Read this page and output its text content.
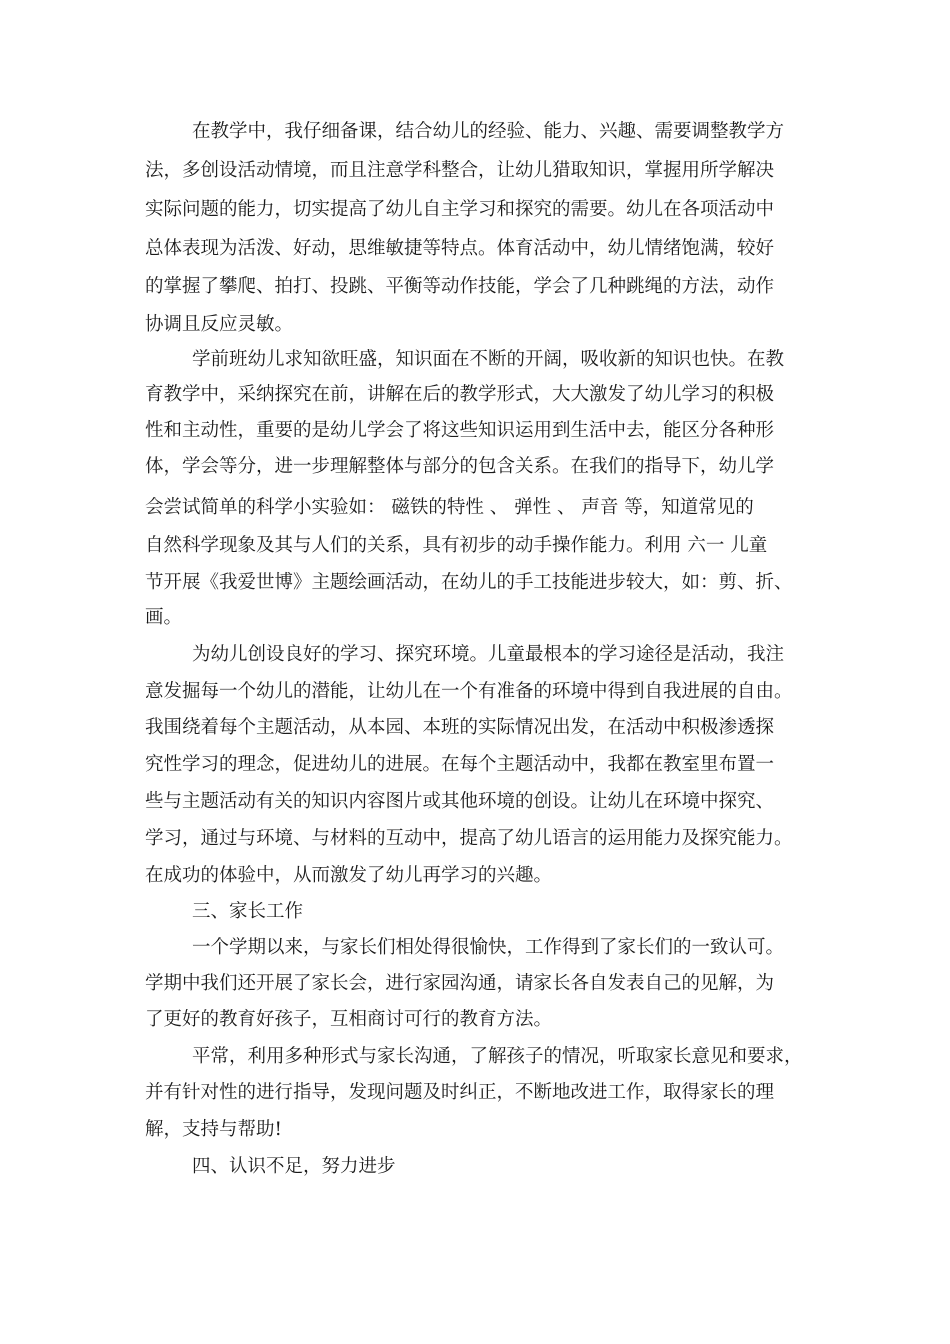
在教学中，我仔细备课，结合幼儿的经验、能力、兴趣、需要调整教学方

法，多创设活动情境，而且注意学科整合，让幼儿猎取知识，掌握用所学解决

实际问题的能力，切实提高了幼儿自主学习和探究的需要。幼儿在各项活动中

总体表现为活泼、好动，思维敏捷等特点。体育活动中，幼儿情绪饱满，较好

的掌握了攀爬、拍打、投跳、平衡等动作技能，学会了几种跳绳的方法，动作

协调且反应灵敏。

学前班幼儿求知欲旺盛，知识面在不断的开阔，吸收新的知识也快。在教

育教学中，采纳探究在前，讲解在后的教学形式，大大激发了幼儿学习的积极

性和主动性，重要的是幼儿学会了将这些知识运用到生活中去，能区分各种形

体，学会等分，进一步理解整体与部分的包含关系。在我们的指导下，幼儿学

会尝试简单的科学小实验如： 磁铁的特性 、 弹性 、 声音 等，知道常见的

自然科学现象及其与人们的关系，具有初步的动手操作能力。利用 六一 儿童

节开展《我爱世博》主题绘画活动，在幼儿的手工技能进步较大，如：剪、折、

画。

为幼儿创设良好的学习、探究环境。儿童最根本的学习途径是活动，我注

意发掘每一个幼儿的潜能，让幼儿在一个有准备的环境中得到自我进展的自由。

我围绕着每个主题活动，从本园、本班的实际情况出发，在活动中积极渗透探

究性学习的理念，促进幼儿的进展。在每个主题活动中，我都在教室里布置一

些与主题活动有关的知识内容图片或其他环境的创设。让幼儿在环境中探究、

学习，通过与环境、与材料的互动中，提高了幼儿语言的运用能力及探究能力。

在成功的体验中，从而激发了幼儿再学习的兴趣。

三、家长工作

一个学期以来，与家长们相处得很愉快，工作得到了家长们的一致认可。

学期中我们还开展了家长会，进行家园沟通，请家长各自发表自己的见解，为

了更好的教育好孩子，互相商讨可行的教育方法。

平常，利用多种形式与家长沟通，了解孩子的情况，听取家长意见和要求，

并有针对性的进行指导，发现问题及时纠正，不断地改进工作，取得家长的理

解，支持与帮助!

四、认识不足，努力进步
